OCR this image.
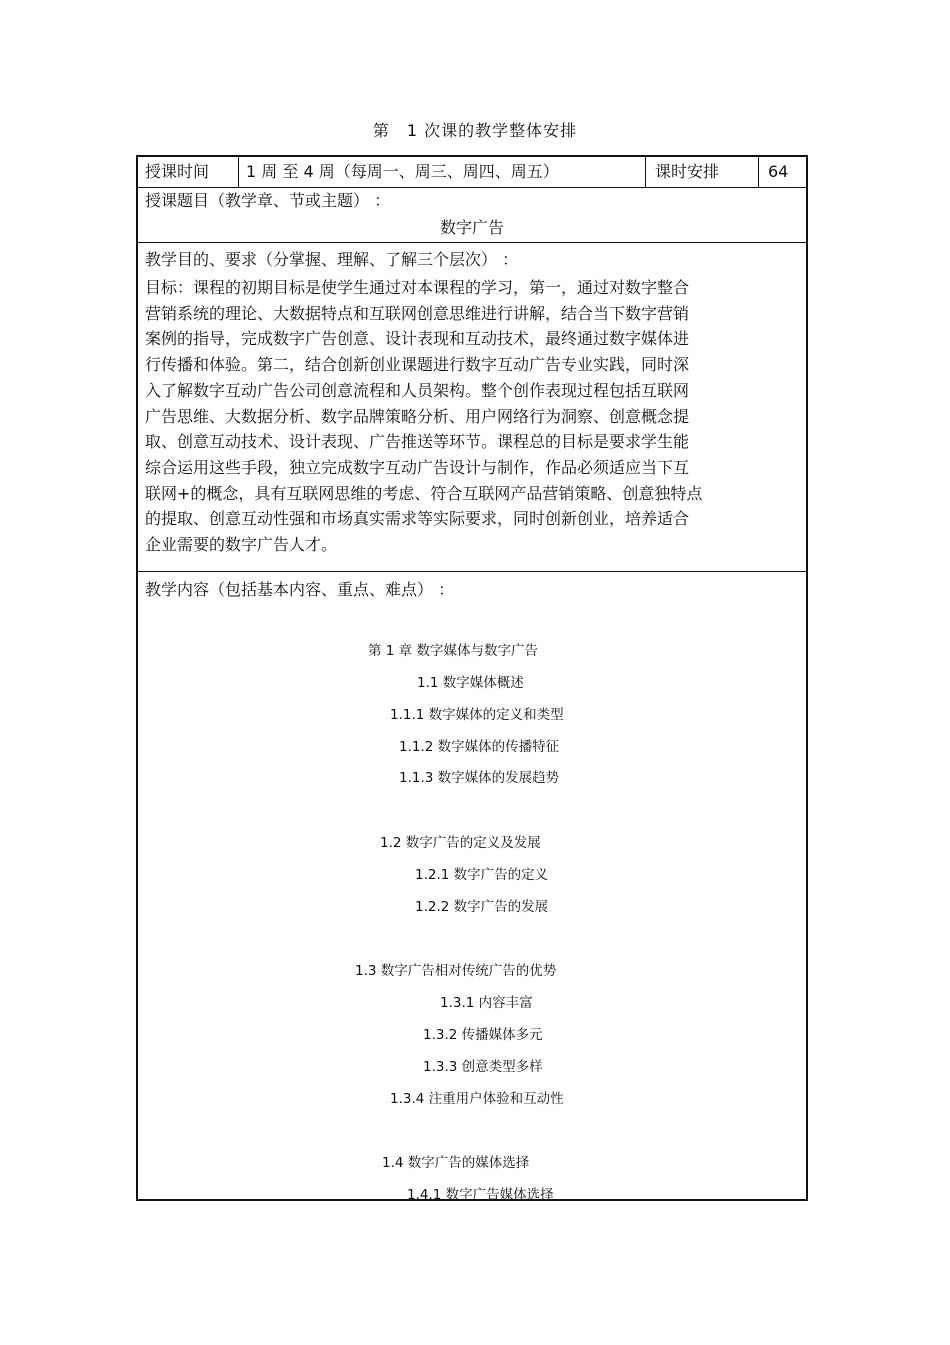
第　1 次课的教学整体安排
授课时间 1 周 至 4 周（每周一、周三、周四、周五）	课时安排	64
授课题目（教学章、节或主题） ：
数字广告
教学目的、要求（分掌握、理解、了解三个层次） ：
目标：课程的初期目标是使学生通过对本课程的学习，第一，通过对数字整合
营销系统的理论、大数据特点和互联网创意思维进行讲解，结合当下数字营销
案例的指导，完成数字广告创意、设计表现和互动技术，最终通过数字媒体进
行传播和体验。第二，结合创新创业课题进行数字互动广告专业实践，同时深
入了解数字互动广告公司创意流程和人员架构。整个创作表现过程包括互联网
广告思维、大数据分析、数字品牌策略分析、用户网络行为洞察、创意概念提
取、创意互动技术、设计表现、广告推送等环节。课程总的目标是要求学生能
综合运用这些手段，独立完成数字互动广告设计与制作，作品必须适应当下互
联网+的概念，具有互联网思维的考虑、符合互联网产品营销策略、创意独特点
的提取、创意互动性强和市场真实需求等实际要求，同时创新创业，培养适合
企业需要的数字广告人才。
教学内容（包括基本内容、重点、难点） ：
第 1 章 数字媒体与数字广告
1.1 数字媒体概述
1.1.1 数字媒体的定义和类型
1.1.2 数字媒体的传播特征
1.1.3 数字媒体的发展趋势
1.2 数字广告的定义及发展
1.2.1 数字广告的定义
1.2.2 数字广告的发展
1.3 数字广告相对传统广告的优势
1.3.1 内容丰富
1.3.2 传播媒体多元
1.3.3 创意类型多样
1.3.4 注重用户体验和互动性
1.4 数字广告的媒体选择
1.4.1 数字广告媒体选择
